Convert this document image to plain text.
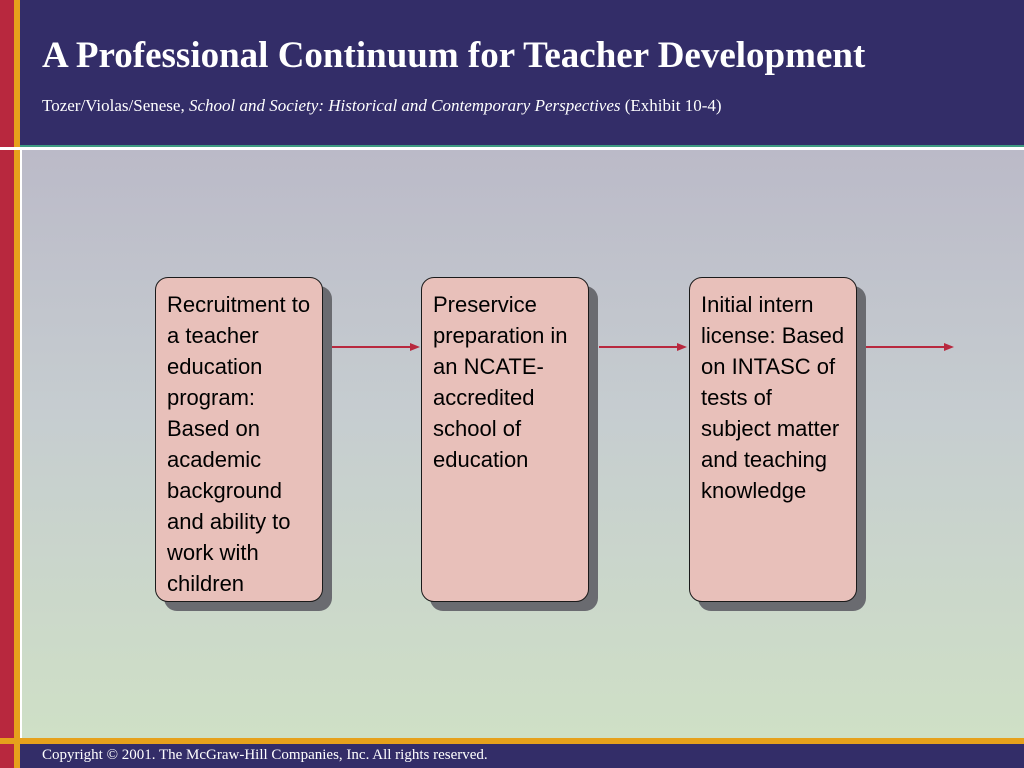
A Professional Continuum for Teacher Development
Tozer/Violas/Senese, School and Society: Historical and Contemporary Perspectives (Exhibit 10-4)
Recruitment to a teacher education program: Based on academic background and ability to work with children
Preservice preparation in an NCATE-accredited school of education
Initial intern license: Based on INTASC of tests of subject matter and teaching knowledge
Copyright © 2001. The McGraw-Hill Companies, Inc. All rights reserved.
